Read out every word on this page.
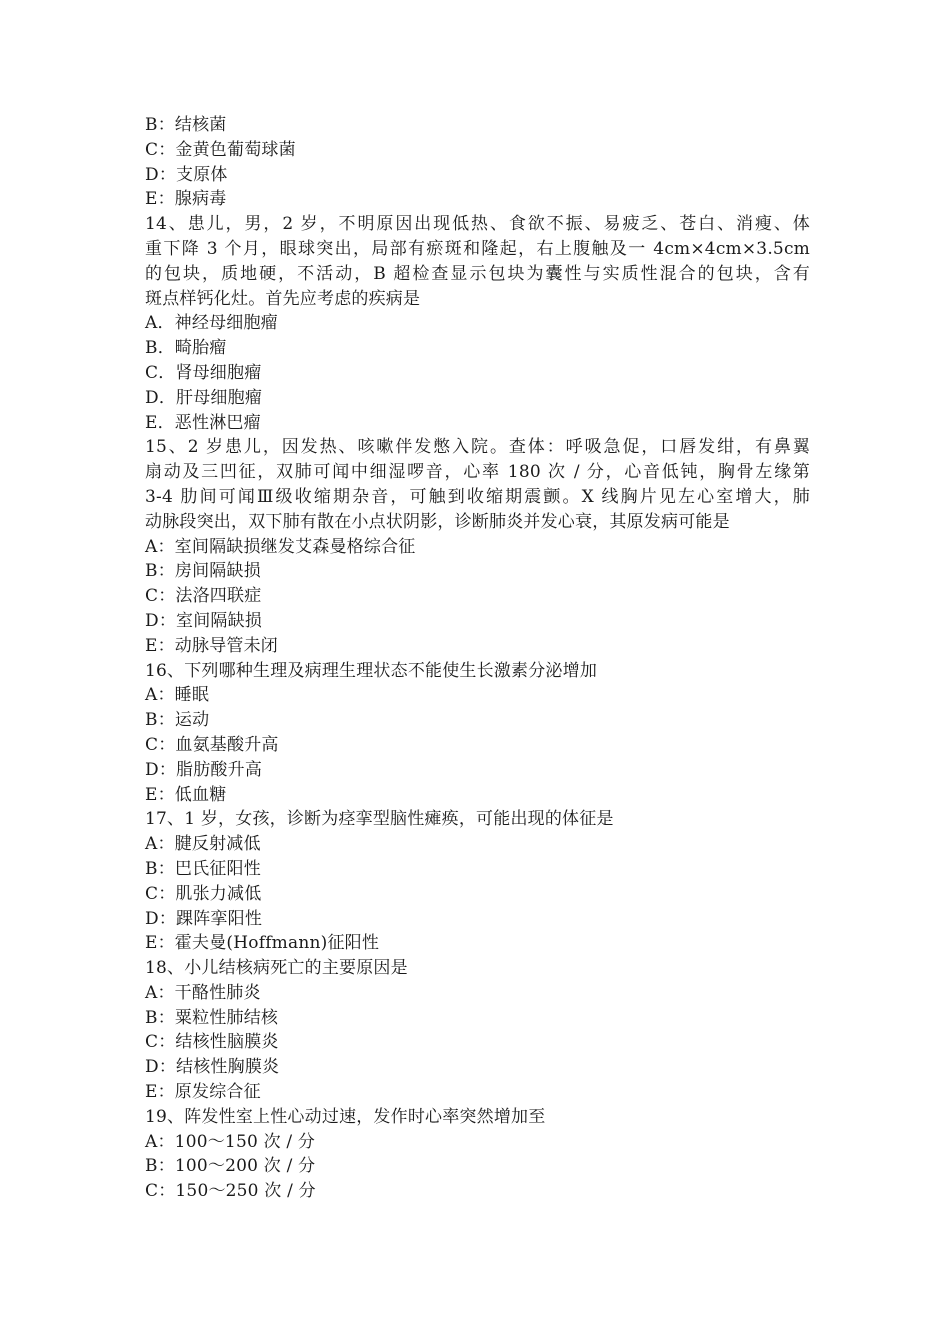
B：结核菌
C：金黄色葡萄球菌
D：支原体
E：腺病毒
14、患儿，男，2 岁，不明原因出现低热、食欲不振、易疲乏、苍白、消瘦、体
重下降 3 个月，眼球突出，局部有瘀斑和隆起，右上腹触及一 4cm×4cm×3.5cm
的包块，质地硬，不活动，B 超检查显示包块为囊性与实质性混合的包块，含有
斑点样钙化灶。首先应考虑的疾病是
A．神经母细胞瘤
B．畸胎瘤
C．肾母细胞瘤
D．肝母细胞瘤
E．恶性淋巴瘤
15、2 岁患儿，因发热、咳嗽伴发憋入院。查体：呼吸急促，口唇发绀，有鼻翼
扇动及三凹征，双肺可闻中细湿啰音，心率 180 次 / 分，心音低钝，胸骨左缘第
3-4 肋间可闻Ⅲ级收缩期杂音，可触到收缩期震颤。X 线胸片见左心室增大，肺
动脉段突出，双下肺有散在小点状阴影，诊断肺炎并发心衰，其原发病可能是
A：室间隔缺损继发艾森曼格综合征
B：房间隔缺损
C：法洛四联症
D：室间隔缺损
E：动脉导管未闭
16、下列哪种生理及病理生理状态不能使生长激素分泌增加
A：睡眠
B：运动
C：血氨基酸升高
D：脂肪酸升高
E：低血糖
17、1 岁，女孩，诊断为痉挛型脑性瘫痪，可能出现的体征是
A：腱反射减低
B：巴氏征阳性
C：肌张力减低
D：踝阵挛阳性
E：霍夫曼(Hoffmann)征阳性
18、小儿结核病死亡的主要原因是
A：干酪性肺炎
B：粟粒性肺结核
C：结核性脑膜炎
D：结核性胸膜炎
E：原发综合征
19、阵发性室上性心动过速，发作时心率突然增加至
A：100～150 次 / 分
B：100～200 次 / 分
C：150～250 次 / 分
